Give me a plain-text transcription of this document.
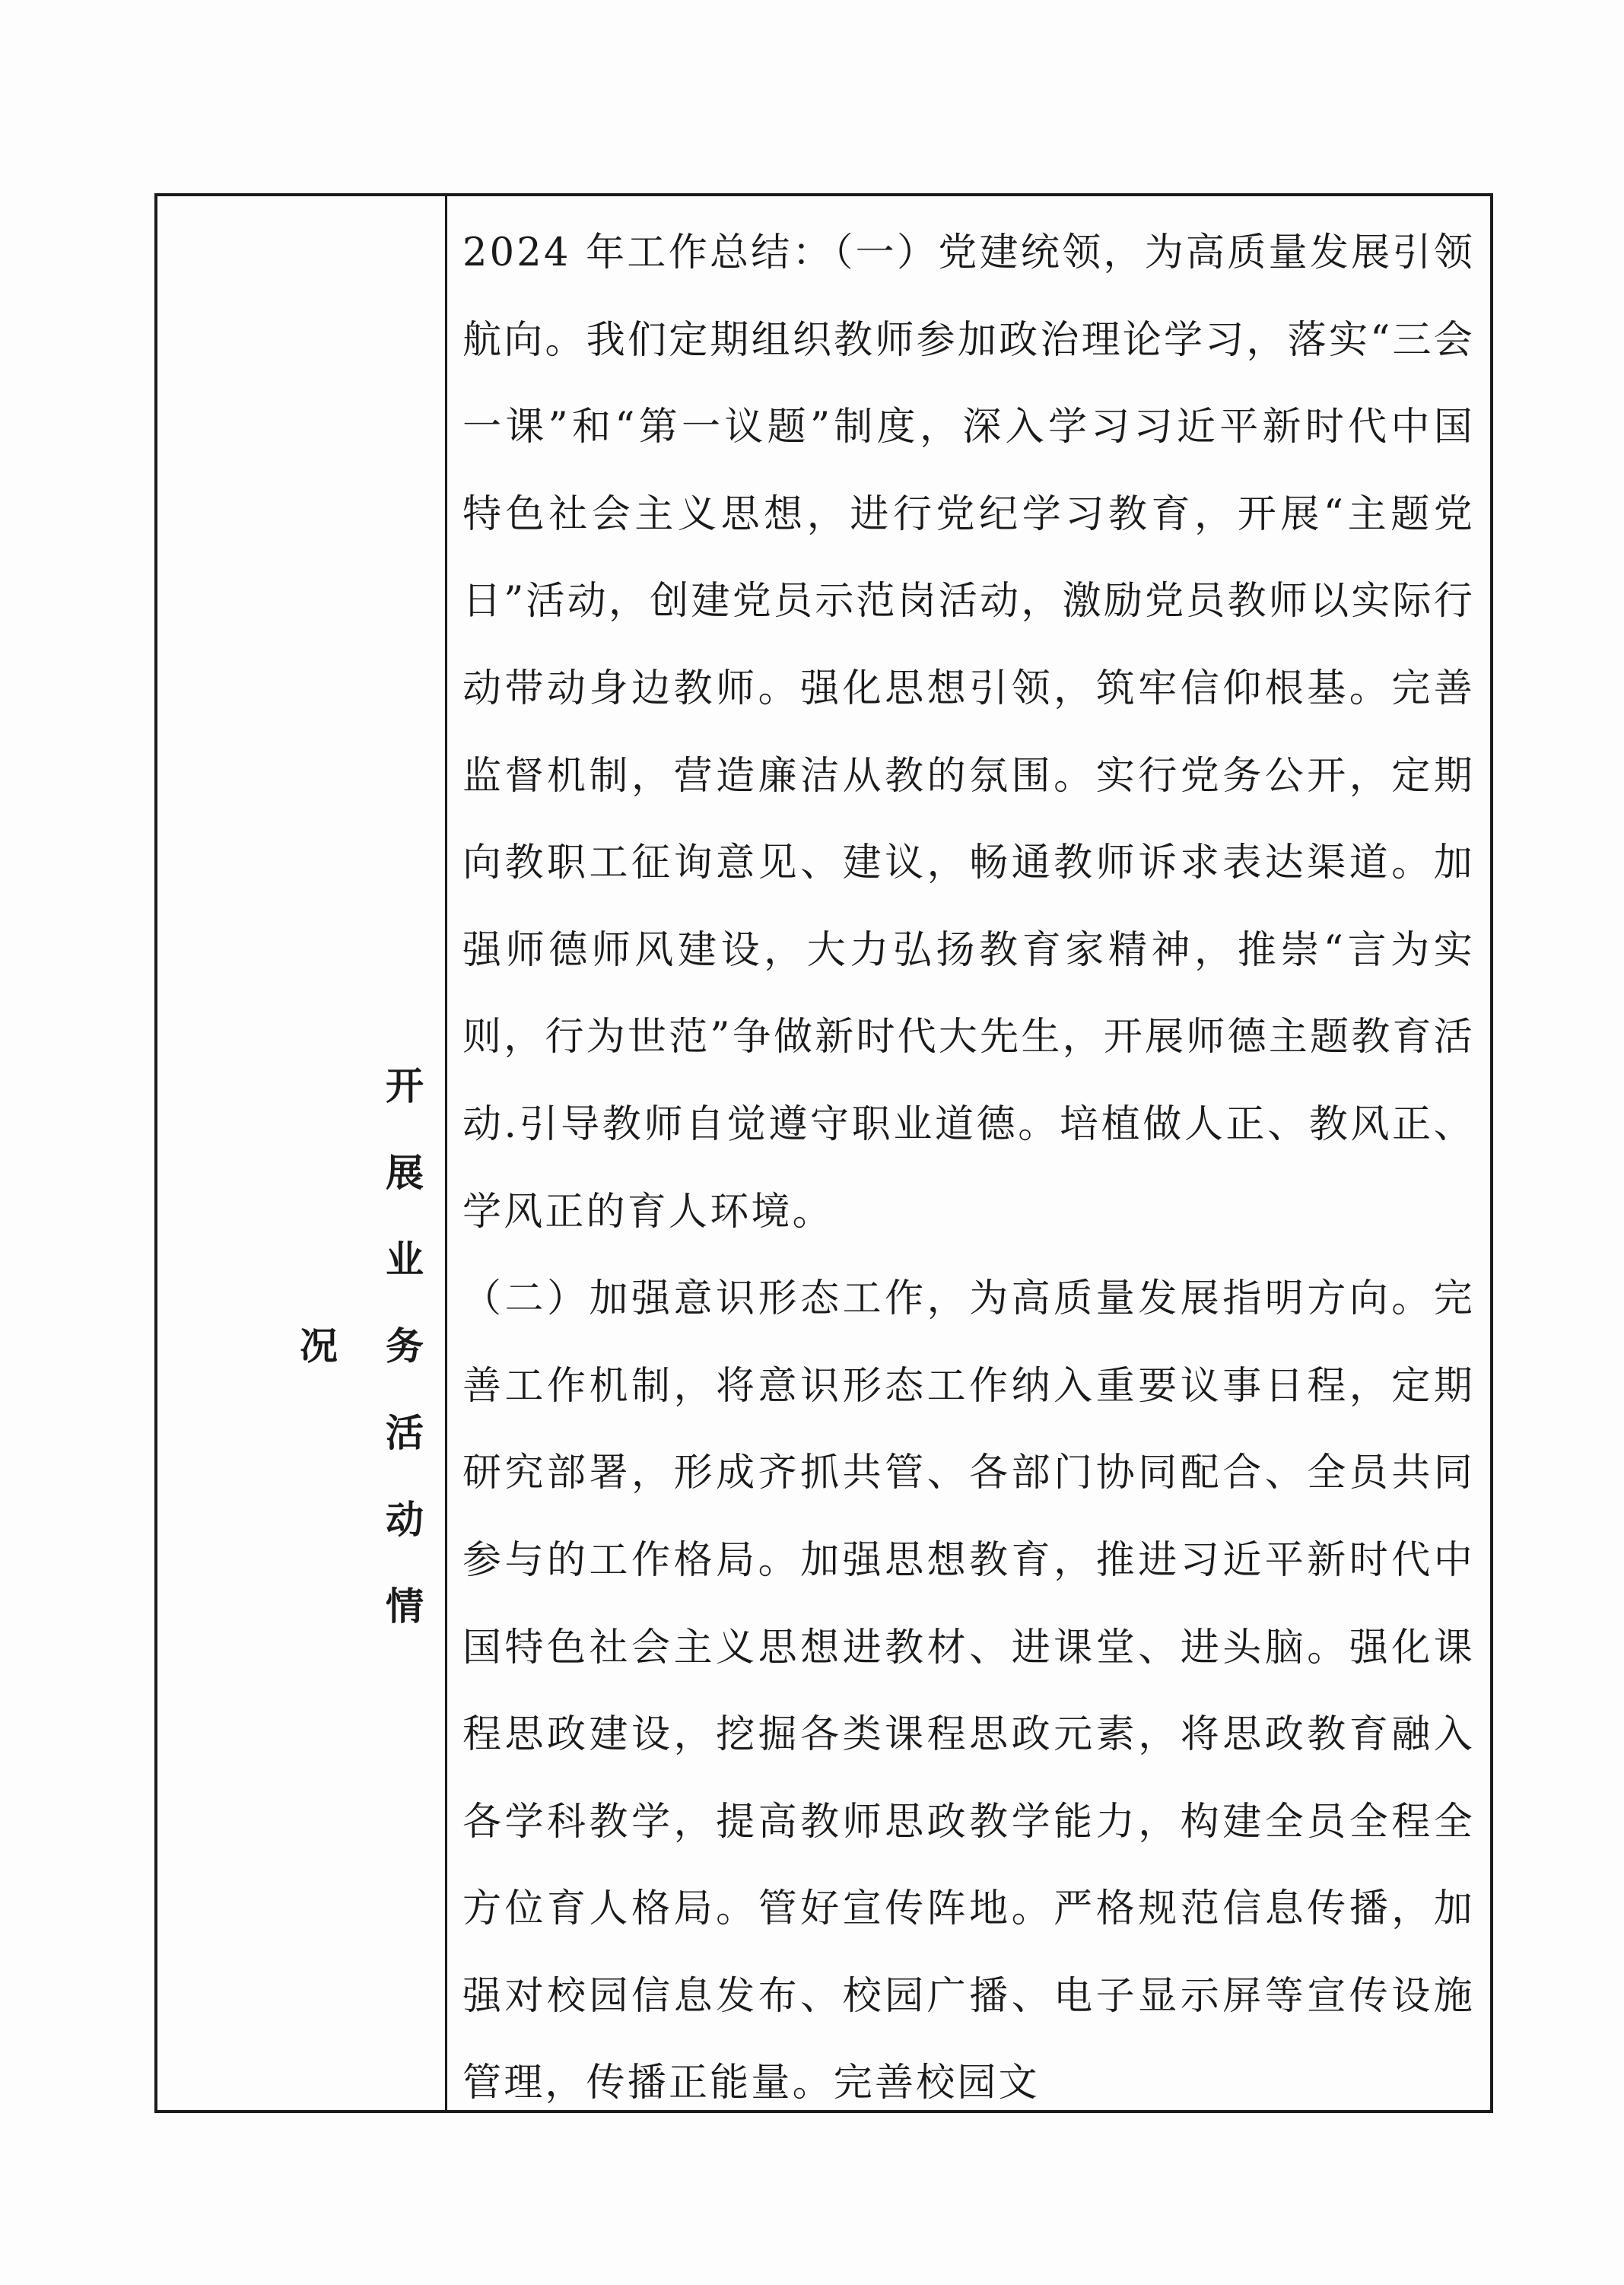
开展业务活动情况

2024 年工作总结：（一）党建统领，为高质量发展引领航向。我们定期组织教师参加政治理论学习，落实“三会一课”和“第一议题”制度，深入学习习近平新时代中国特色社会主义思想，进行党纪学习教育，开展“主题党日”活动，创建党员示范岗活动，激励党员教师以实际行动带动身边教师。强化思想引领，筑牢信仰根基。完善监督机制，营造廉洁从教的氛围。实行党务公开，定期向教职工征询意见、建议，畅通教师诉求表达渠道。加强师德师风建设，大力弘扬教育家精神，推崇“言为实则，行为世范”争做新时代大先生，开展师德主题教育活动.引导教师自觉遵守职业道德。培植做人正、教风正、学风正的育人环境。

（二）加强意识形态工作，为高质量发展指明方向。完善工作机制，将意识形态工作纳入重要议事日程，定期研究部署，形成齐抓共管、各部门协同配合、全员共同参与的工作格局。加强思想教育，推进习近平新时代中国特色社会主义思想进教材、进课堂、进头脑。强化课程思政建设，挖掘各类课程思政元素，将思政教育融入各学科教学，提高教师思政教学能力，构建全员全程全方位育人格局。管好宣传阵地。严格规范信息传播，加强对校园信息发布、校园广播、电子显示屏等宣传设施管理，传播正能量。完善校园文
